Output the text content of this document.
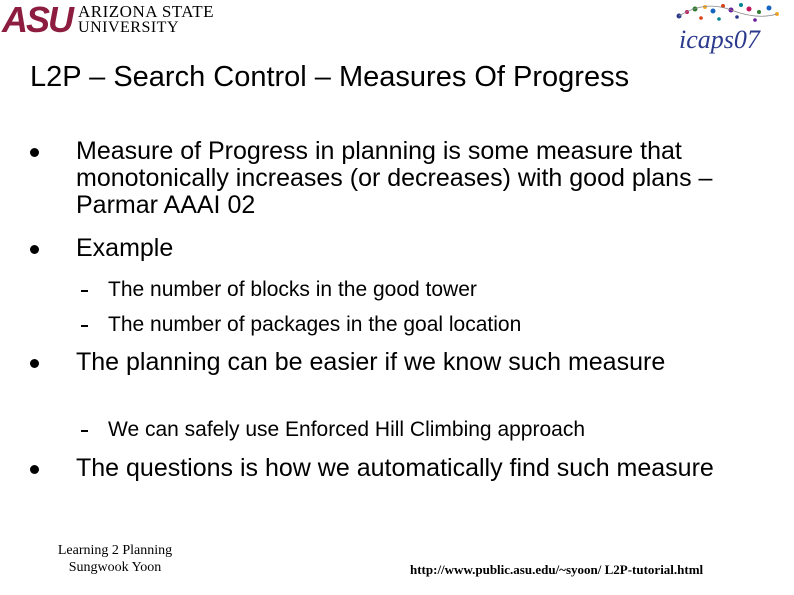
ASU ARIZONA STATE
UNIVERSITY	icaps07
L2P – Search Control – Measures Of Progress
Measure of Progress in planning is some measure that monotonically increases (or decreases) with good plans – Parmar AAAI 02
Example
The number of blocks in the good tower
The number of packages in the goal location
The planning can be easier if we know such measure
We can safely use Enforced Hill Climbing approach
The questions is how we automatically find such measure
Learning 2 Planning
Sungwook Yoon	http://www.public.asu.edu/~syoon/ L2P-tutorial.html
